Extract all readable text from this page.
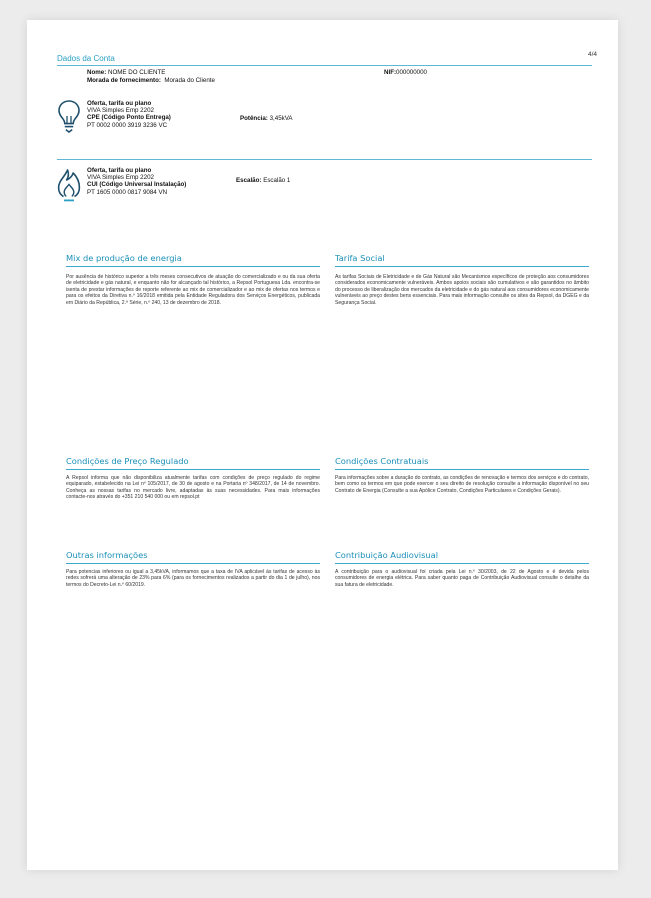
Dados da Conta	4/4
Nome: NOME DO CLIENTE	NIF:000000000
Morada de fornecimento: Morada do Cliente
Oferta, tarifa ou plano
VIVA Simples Emp 2202
CPE (Código Ponto Entrega)
PT 0002 0000 3919 3236 VC
Potência: 3,45kVA
Oferta, tarifa ou plano
VIVA Simples Emp 2202
CUI (Código Universal Instalação)
PT 1605 0000 0817 9084 VN
Escalão: Escalão 1
Mix de produção de energia
Por ausência de histórico superior a três meses consecutivos de atuação do comercializado e ou da sua oferta de eletricidade e gás natural, e enquanto não for alcançado tal histórico, a Repsol Portuguesa Lda. encontra-se isenta de prestar informações de reporte referente ao mix de comercializador e ao mix de ofertas nos termos e para os efeitos da Diretiva n.º 16/2018 emitida pela Entidade Reguladora dos Serviços Energéticos, publicada em Diário da República, 2.ª Série, n.º 240, 13 de dezembro de 2018.
Tarifa Social
As tarifas Sociais de Eletricidade e de Gás Natural são Mecanismos específicos de proteção aos consumidores considerados economicamente vulneráveis. Ambos apoios sociais são cumulativos e são garantidos no âmbito do processo de liberalização dos mercados da eletricidade e do gás natural aos consumidores economicamente vulneráveis ao preço destes bens essenciais. Para mais informação consulte os sites da Repsol, da DGEG e da Segurança Social.
Condições de Preço Regulado
A Repsol informa que não disponibiliza atualmente tarifas com condições de preço regulado do regime equiparado, estabelecido na Lei nº 105/2017, de 30 de agosto e na Portaria nº 348/2017, de 14 de novembro. Conheça as nossas tarifas no mercado livre, adaptadas às suas necessidades. Para mais informações contacte-nos através do +351 210 540 000 ou em repsol.pt
Condições Contratuais
Para informações sobre a duração do contrato, as condições de renovação e termos dos serviços e do contrato, bem como os termos em que pode exercer o seu direito de resolução consulte a informação disponível no seu Contrato de Energia (Consulte a sua Apólice Contrato, Condições Particulares e Condições Gerais).
Outras informações
Para potencias inferiores ou igual a 3,45kVA, informamos que a taxa de IVA aplicável às tarifas de acesso às redes sofrerá uma alteração de 23% para 6% (para os fornecimentos realizados a partir do dia 1 de julho), nos termos do Decreto-Lei n.º 60/2019.
Contribuição Audiovisual
A contribuição para o audiovisual foi criada pela Lei n.º 30/2003, de 22 de Agosto e é devida pelos consumidores de energia elétrica. Para saber quanto paga de Contribuição Audiovisual consulte o detalhe da sua fatura de eletricidade.
